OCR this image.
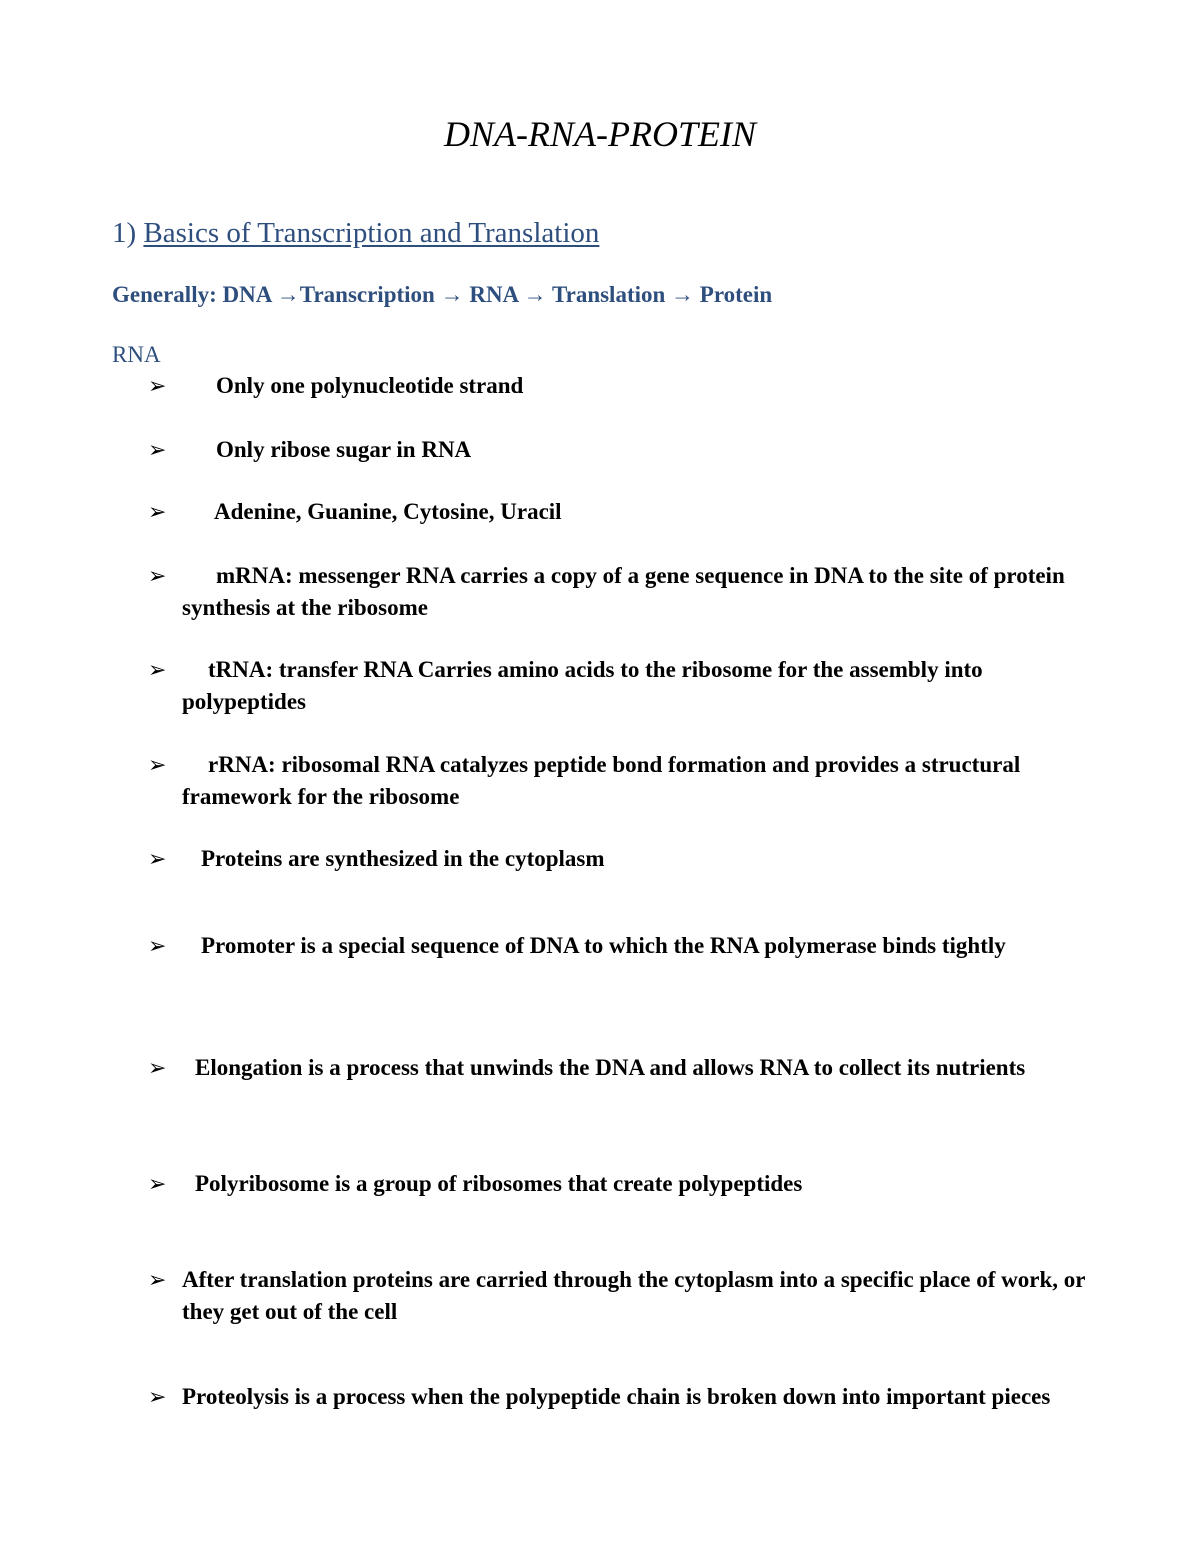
DNA-RNA-PROTEIN
1) Basics of Transcription and Translation

Generally: DNA →Transcription → RNA → Translation → Protein

RNA

➢	Only one polynucleotide strand
➢	Only ribose sugar in RNA
➢	Adenine, Guanine, Cytosine, Uracil
➢	mRNA: messenger RNA carries a copy of a gene sequence in DNA to the site of protein synthesis at the ribosome
➢	tRNA: transfer RNA Carries amino acids to the ribosome for the assembly into polypeptides
➢	rRNA: ribosomal RNA catalyzes peptide bond formation and provides a structural framework for the ribosome
➢	Proteins are synthesized in the cytoplasm
➢	Promoter is a special sequence of DNA to which the RNA polymerase binds tightly
➢	Elongation is a process that unwinds the DNA and allows RNA to collect its nutrients
➢	Polyribosome is a group of ribosomes that create polypeptides
➢ After translation proteins are carried through the cytoplasm into a specific place of work, or they get out of the cell
➢ Proteolysis is a process when the polypeptide chain is broken down into important pieces
